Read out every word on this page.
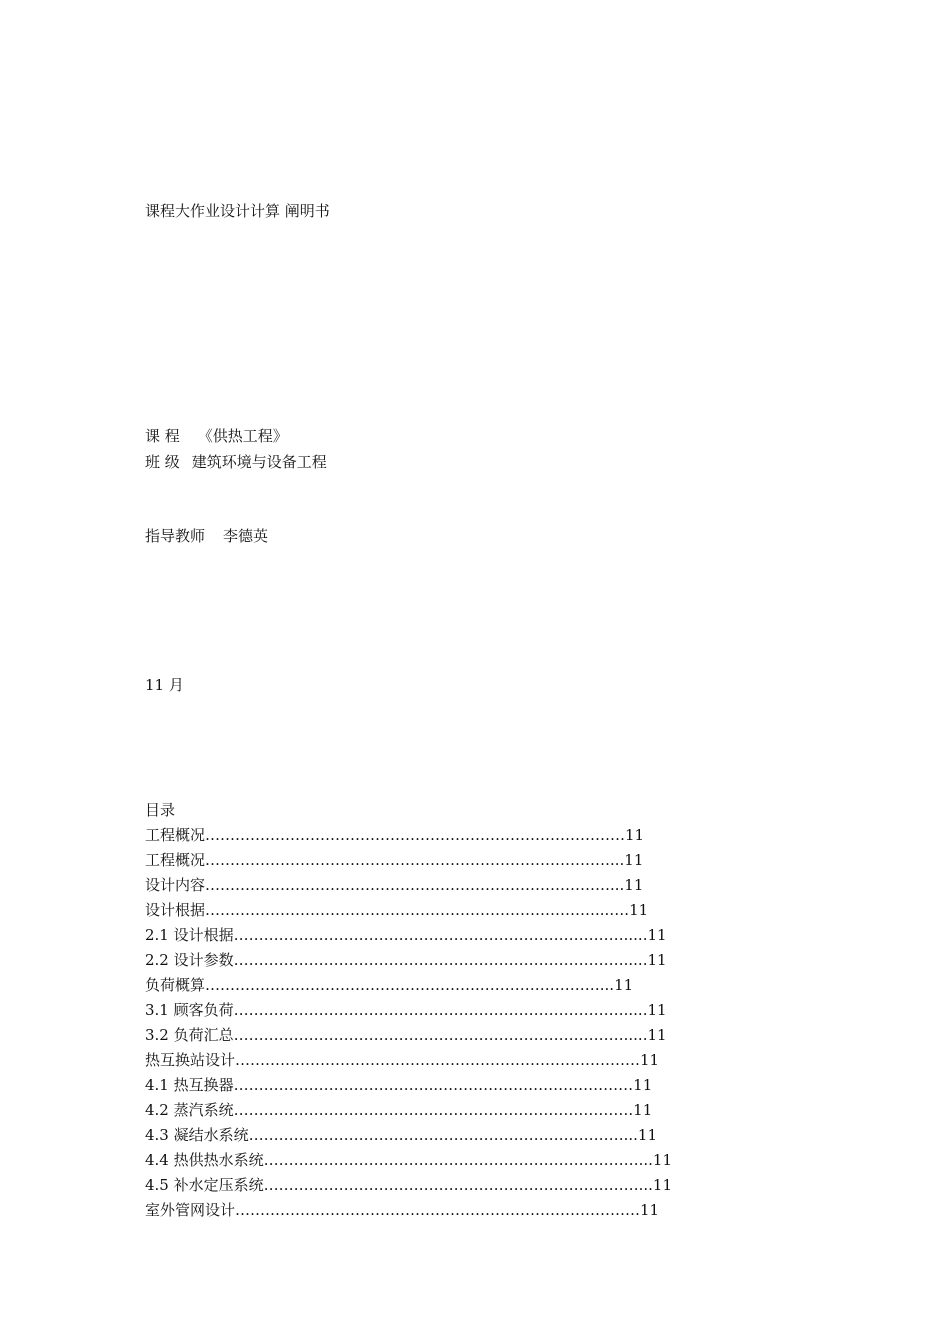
课程大作业设计计算 阐明书
课 程 《供热工程》
班 级 建筑环境与设备工程
指导教师 李德英
11 月
目录
工程概况…………………………………………………………………………11
工程概况………………………………………………………………………...11
设计内容………………………………………………………………………...11
设计根据……………………………………………………………………...….11
2.1 设计根据…………………………………………………………………….....11
2.2 设计参数…………………………………………………………………….....11
负荷概算……………………………………………….……………………...11
3.1 顾客负荷…………………………………………………………………….....11
3.2 负荷汇总…………………………………………………………………….....11
热互换站设计………………………………………………………………………11
4.1 热互换器…………………………………..…………………………………11
4.2 蒸汽系统………………………………….………………………………….11
4.3 凝结水系统…………………………………………………………………...11
4.4 热供热水系统…………………………………………………………………...11
4.5 补水定压系统…………………………………………………………………...11
室外管网设计………………………………………………………………………11
